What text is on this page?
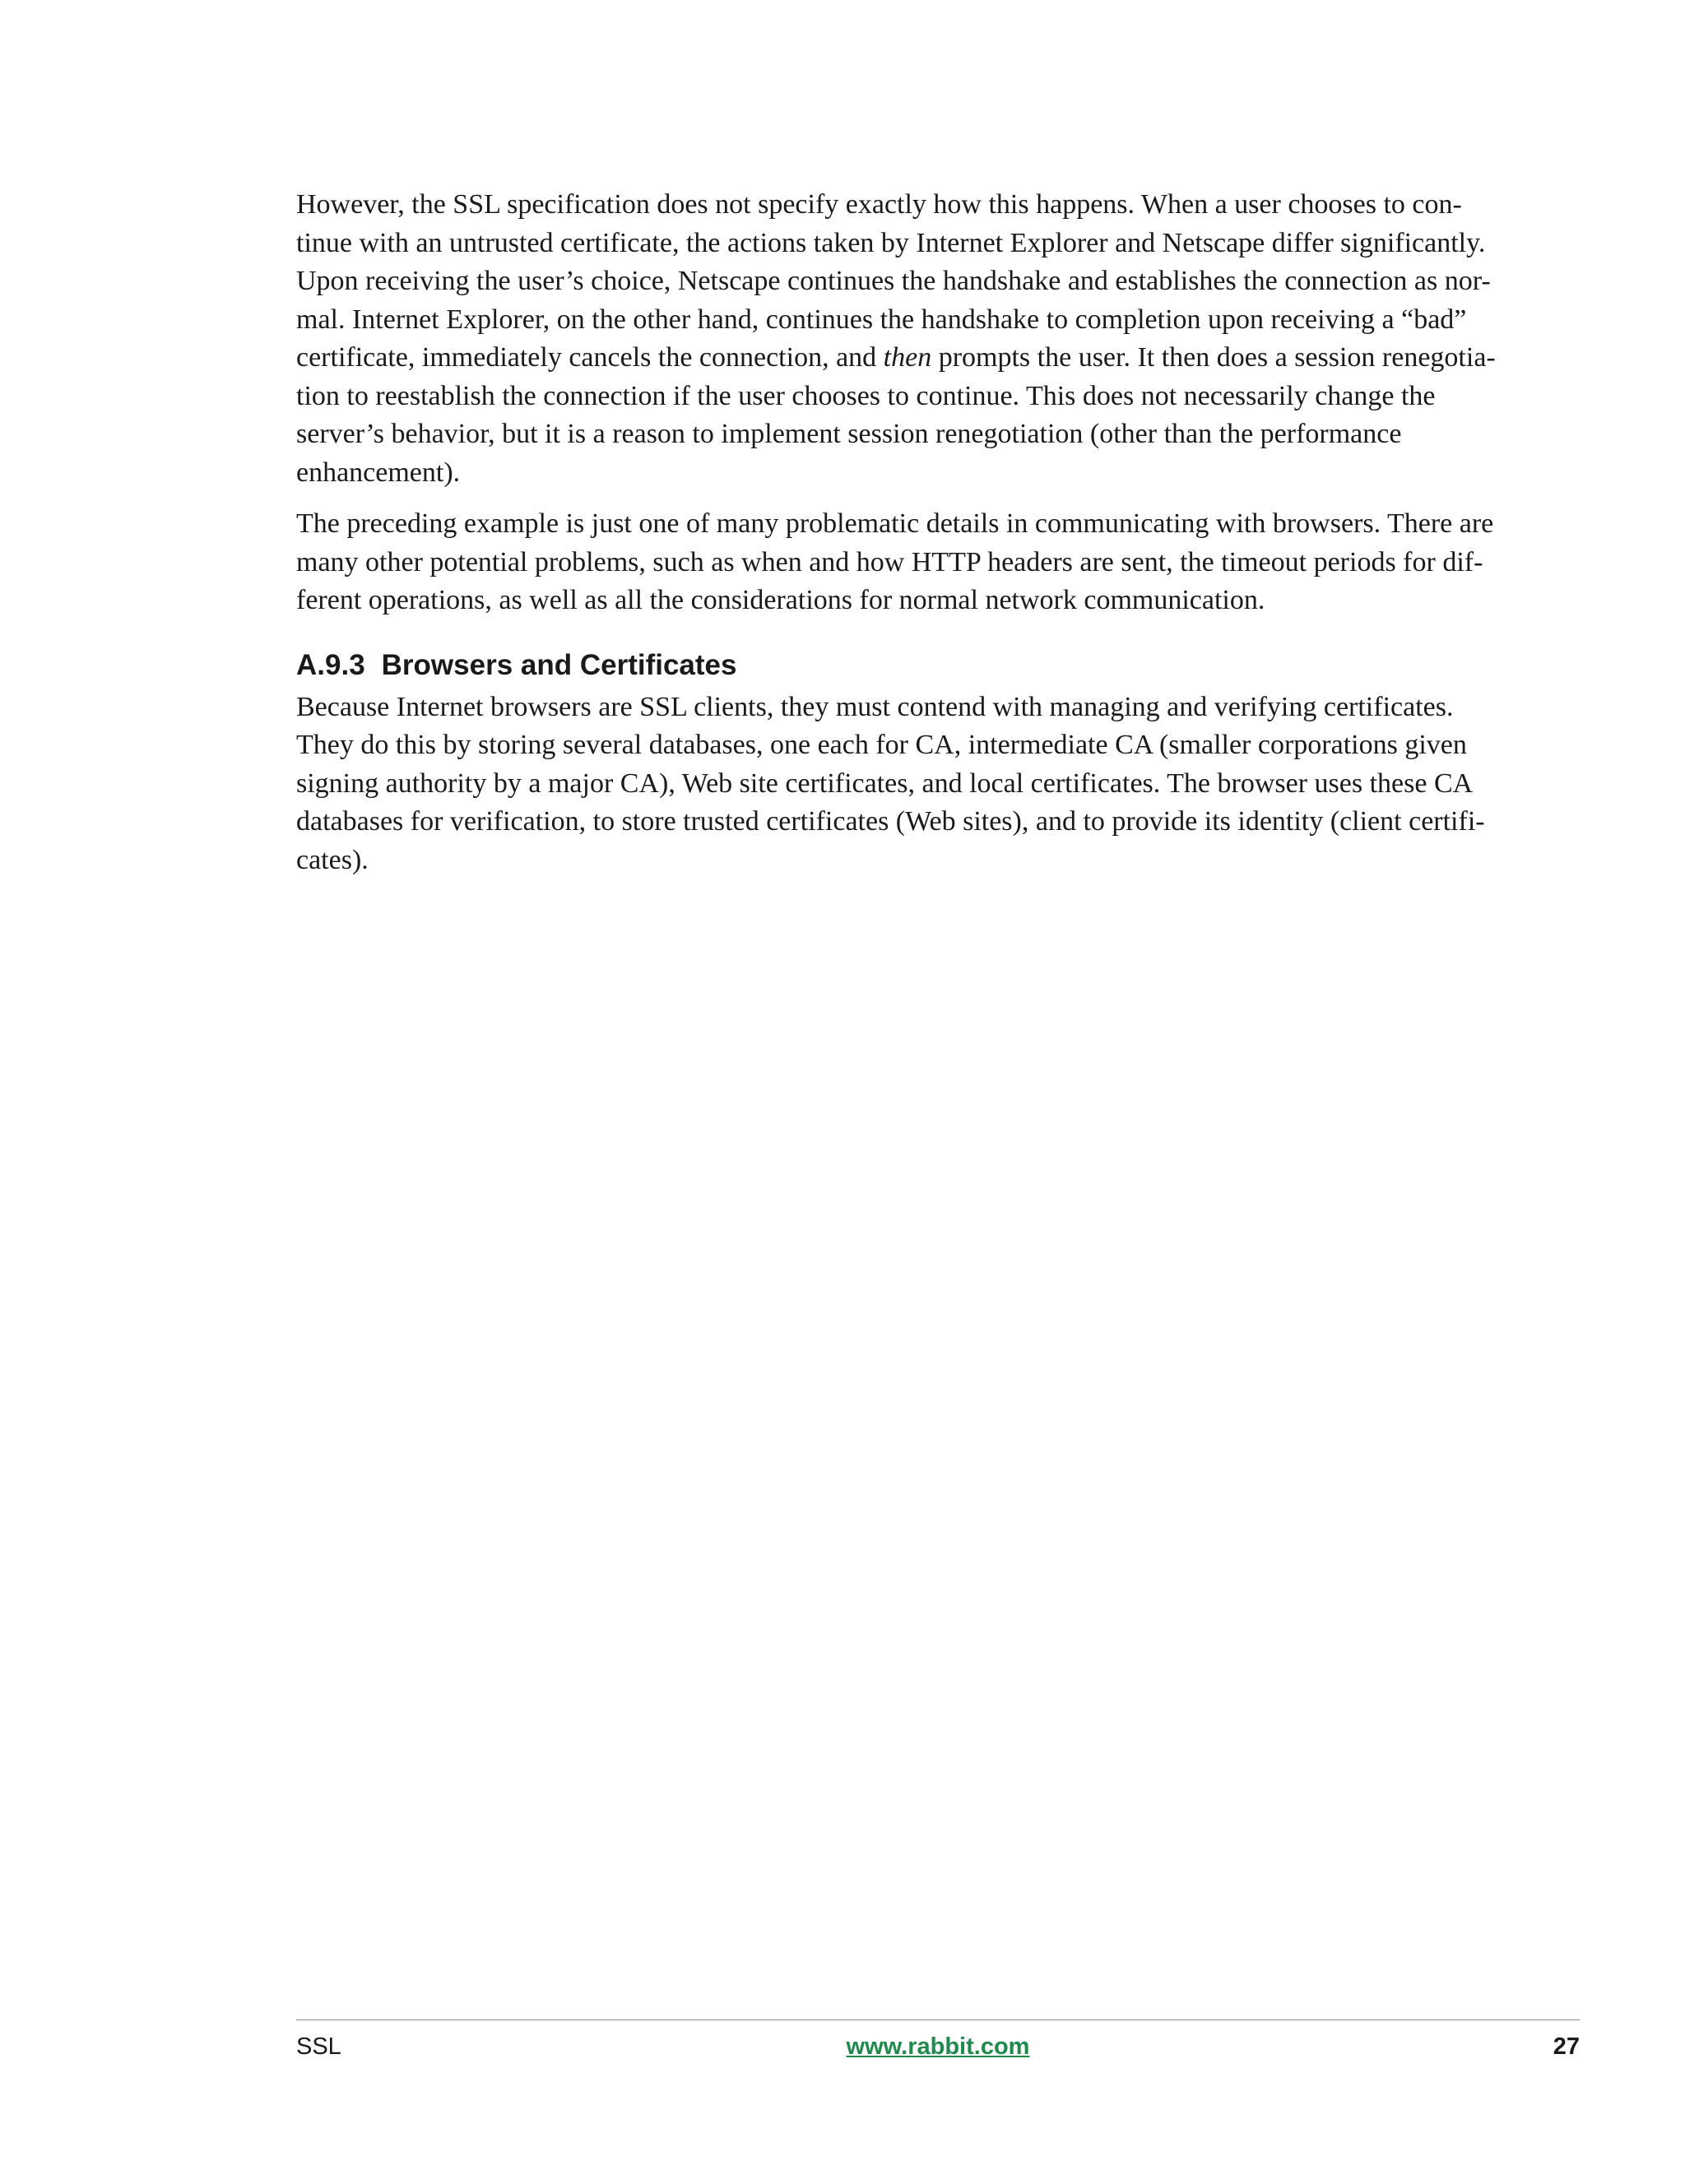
However, the SSL specification does not specify exactly how this happens. When a user chooses to con-
tinue with an untrusted certificate, the actions taken by Internet Explorer and Netscape differ significantly.
Upon receiving the user’s choice, Netscape continues the handshake and establishes the connection as nor-
mal. Internet Explorer, on the other hand, continues the handshake to completion upon receiving a “bad”
certificate, immediately cancels the connection, and then prompts the user. It then does a session renegotia-
tion to reestablish the connection if the user chooses to continue. This does not necessarily change the
server’s behavior, but it is a reason to implement session renegotiation (other than the performance
enhancement).

The preceding example is just one of many problematic details in communicating with browsers. There are
many other potential problems, such as when and how HTTP headers are sent, the timeout periods for dif-
ferent operations, as well as all the considerations for normal network communication.

A.9.3 Browsers and Certificates

Because Internet browsers are SSL clients, they must contend with managing and verifying certificates.
They do this by storing several databases, one each for CA, intermediate CA (smaller corporations given
signing authority by a major CA), Web site certificates, and local certificates. The browser uses these CA
databases for verification, to store trusted certificates (Web sites), and to provide its identity (client certifi-
cates).

SSL	www.rabbit.com	27
